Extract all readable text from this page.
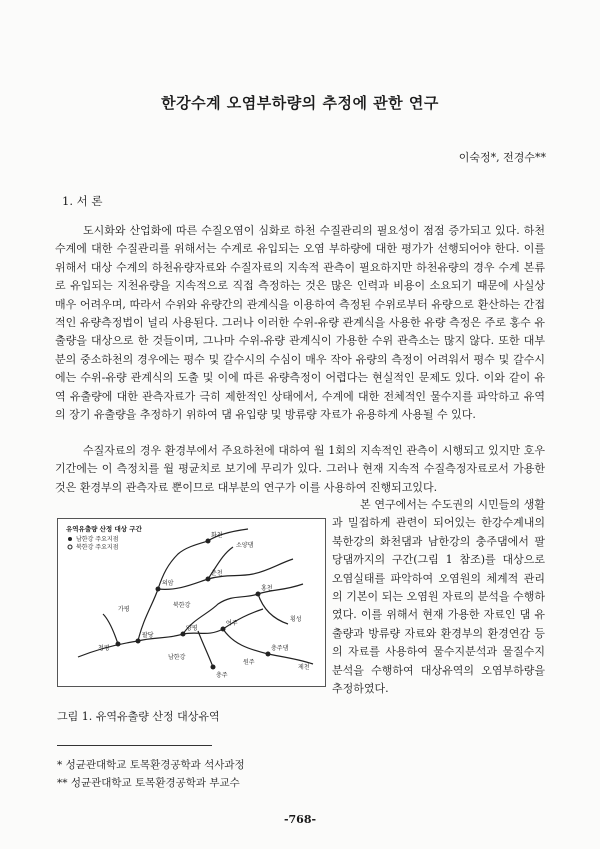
한강수계 오염부하량의 추정에 관한 연구
이숙정*, 전경수**
1. 서 론
도시화와 산업화에 따른 수질오염이 심화로 하천 수질관리의 필요성이 점점 증가되고 있다. 하천수계에 대한 수질관리를 위해서는 수계로 유입되는 오염 부하량에 대한 평가가 선행되어야 한다. 이를 위해서 대상 수계의 하천유량자료와 수질자료의 지속적 관측이 필요하지만 하천유량의 경우 수계 본류로 유입되는 지천유량을 지속적으로 직접 측정하는 것은 많은 인력과 비용이 소요되기 때문에 사실상 매우 어려우며, 따라서 수위와 유량간의 관계식을 이용하여 측정된 수위로부터 유량으로 환산하는 간접적인 유량측정법이 널리 사용된다. 그러나 이러한 수위-유량 관계식을 사용한 유량 측정은 주로 홍수 유출량을 대상으로 한 것들이며, 그나마 수위-유량 관계식이 가용한 수위 관측소는 많지 않다. 또한 대부분의 중소하천의 경우에는 평수 및 갈수시의 수심이 매우 작아 유량의 측정이 어려워서 평수 및 갈수시에는 수위-유량 관계식의 도출 및 이에 따른 유량측정이 어렵다는 현실적인 문제도 있다. 이와 같이 유역 유출량에 대한 관측자료가 극히 제한적인 상태에서, 수계에 대한 전체적인 물수지를 파악하고 유역의 장기 유출량을 추정하기 위하여 댐 유입량 및 방류량 자료가 유용하게 사용될 수 있다.
수질자료의 경우 환경부에서 주요하천에 대하여 월 1회의 지속적인 관측이 시행되고 있지만 호우기간에는 이 측정치를 월 평균치로 보기에 무리가 있다. 그러나 현재 지속적 수질측정자료로서 가용한 것은 환경부의 관측자료 뿐이므로 대부분의 연구가 이를 사용하여 진행되고있다.
본 연구에서는 수도권의 시민들의 생활과 밀접하게 관련이 되어있는 한강수계내의 북한강의 화천댐과 남한강의 충주댐에서 팔당댐까지의 구간(그림 1 참조)를 대상으로 오염실태를 파악하여 오염원의 체계적 관리의 기본이 되는 오염원 자료의 분석을 수행하였다. 이를 위해서 현재 가용한 자료인 댐 유출량과 방류량 자료와 환경부의 환경연감 등의 자료를 사용하여 물수지분석과 물질수지분석을 수행하여 대상유역의 오염부하량을 추정하였다.
유역유출량 산정 대상 구간
남한강 주요지점
북한강 주요지점
팔당
의암
양평
춘천
여주
화천
홍천
청평	충주댐
충주
소양댐
가평
횡성
원주
제천
남한강
북한강
그림 1. 유역유출량 산정 대상유역
* 성균관대학교 토목환경공학과 석사과정
** 성균관대학교 토목환경공학과 부교수
-768-
